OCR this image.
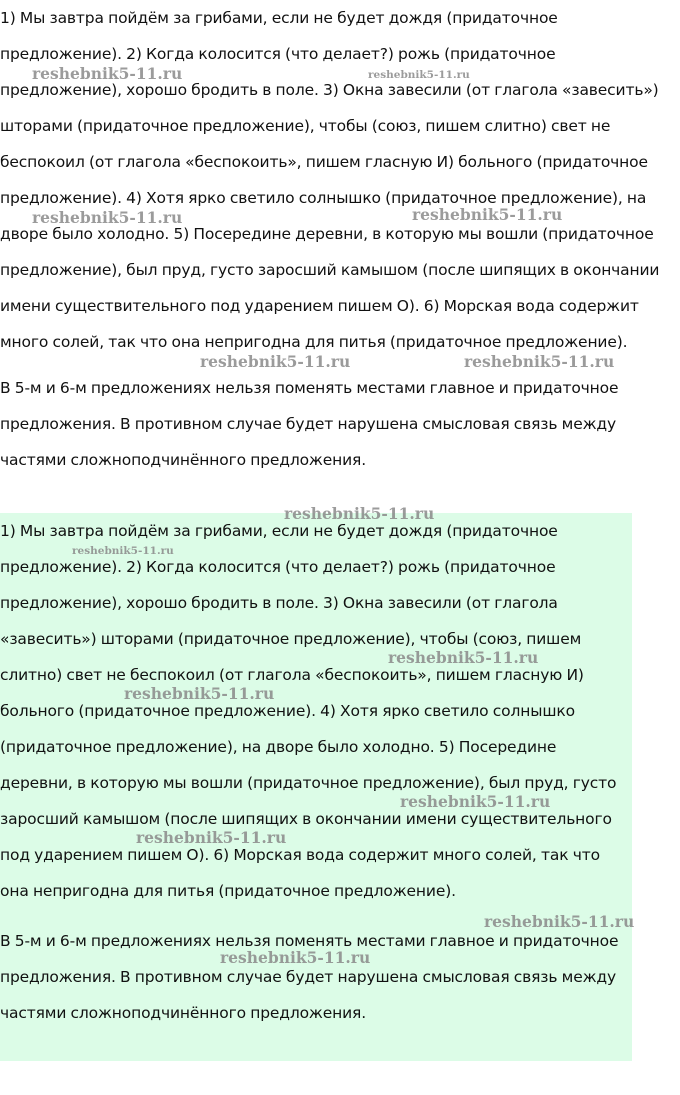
1) Мы завтра пойдём за грибами, если не будет дождя (придаточное предложение). 2) Когда колосится (что делает?) рожь (придаточное предложение), хорошо бродить в поле. 3) Окна завесили (от глагола «завесить») шторами (придаточное предложение), чтобы (союз, пишем слитно) свет не беспокоил (от глагола «беспокоить», пишем гласную И) больного (придаточное предложение). 4) Хотя ярко светило солнышко (придаточное предложение), на дворе было холодно. 5) Посередине деревни, в которую мы вошли (придаточное предложение), был пруд, густо заросший камышом (после шипящих в окончании имени существительного под ударением пишем О). 6) Морская вода содержит много солей, так что она непригодна для питья (придаточное предложение).

В 5-м и 6-м предложениях нельзя поменять местами главное и придаточное предложения. В противном случае будет нарушена смысловая связь между частями сложноподчинённого предложения.

1) Мы завтра пойдём за грибами, если не будет дождя (придаточное предложение). 2) Когда колосится (что делает?) рожь (придаточное предложение), хорошо бродить в поле. 3) Окна завесили (от глагола «завесить») шторами (придаточное предложение), чтобы (союз, пишем слитно) свет не беспокоил (от глагола «беспокоить», пишем гласную И) больного (придаточное предложение). 4) Хотя ярко светило солнышко (придаточное предложение), на дворе было холодно. 5) Посередине деревни, в которую мы вошли (придаточное предложение), был пруд, густо заросший камышом (после шипящих в окончании имени существительного под ударением пишем О). 6) Морская вода содержит много солей, так что она непригодна для питья (придаточное предложение).

В 5-м и 6-м предложениях нельзя поменять местами главное и придаточное предложения. В противном случае будет нарушена смысловая связь между частями сложноподчинённого предложения.

reshebnik5-11.ru	reshebnik5-11.ru
reshebnik5-11.ru	reshebnik5-11.ru
reshebnik5-11.ru	reshebnik5-11.ru
reshebnik5-11.ru
reshebnik5-11.ru
reshebnik5-11.ru
reshebnik5-11.ru
reshebnik5-11.ru
reshebnik5-11.ru
reshebnik5-11.ru
reshebnik5-11.ru
